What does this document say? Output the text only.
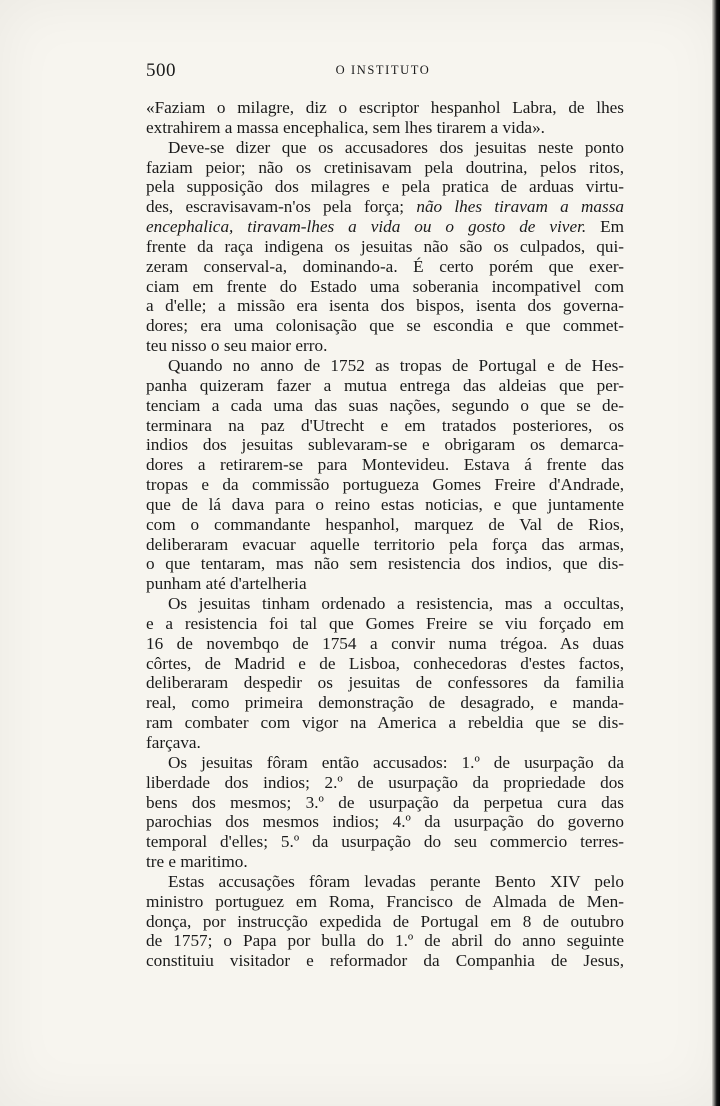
500	O INSTITUTO
«Faziam o milagre, diz o escriptor hespanhol Labra, de lhes
extrahirem a massa encephalica, sem lhes tirarem a vida».
Deve-se dizer que os accusadores dos jesuitas neste ponto
faziam peior; não os cretinisavam pela doutrina, pelos ritos,
pela supposição dos milagres e pela pratica de arduas virtu-
des, escravisavam-n'os pela força; não lhes tiravam a massa
encephalica, tiravam-lhes a vida ou o gosto de viver. Em
frente da raça indigena os jesuitas não são os culpados, qui-
zeram conserval-a, dominando-a. É certo porém que exer-
ciam em frente do Estado uma soberania incompativel com
a d'elle; a missão era isenta dos bispos, isenta dos governa-
dores; era uma colonisação que se escondia e que commet-
teu nisso o seu maior erro.
Quando no anno de 1752 as tropas de Portugal e de Hes-
panha quizeram fazer a mutua entrega das aldeias que per-
tenciam a cada uma das suas nações, segundo o que se de-
terminara na paz d'Utrecht e em tratados posteriores, os
indios dos jesuitas sublevaram-se e obrigaram os demarca-
dores a retirarem-se para Montevideu. Estava á frente das
tropas e da commissão portugueza Gomes Freire d'Andrade,
que de lá dava para o reino estas noticias, e que juntamente
com o commandante hespanhol, marquez de Val de Rios,
deliberaram evacuar aquelle territorio pela força das armas,
o que tentaram, mas não sem resistencia dos indios, que dis-
punham até d'artelheria
Os jesuitas tinham ordenado a resistencia, mas a occultas,
e a resistencia foi tal que Gomes Freire se viu forçado em
16 de novembqo de 1754 a convir numa trégoa. As duas
côrtes, de Madrid e de Lisboa, conhecedoras d'estes factos,
deliberaram despedir os jesuitas de confessores da familia
real, como primeira demonstração de desagrado, e manda-
ram combater com vigor na America a rebeldia que se dis-
farçava.
Os jesuitas fôram então accusados: 1.º de usurpação da
liberdade dos indios; 2.º de usurpação da propriedade dos
bens dos mesmos; 3.º de usurpação da perpetua cura das
parochias dos mesmos indios; 4.º da usurpação do governo
temporal d'elles; 5.º da usurpação do seu commercio terres-
tre e maritimo.
Estas accusações fôram levadas perante Bento XIV pelo
ministro portuguez em Roma, Francisco de Almada de Men-
donça, por instrucção expedida de Portugal em 8 de outubro
de 1757; o Papa por bulla do 1.º de abril do anno seguinte
constituiu visitador e reformador da Companhia de Jesus,
